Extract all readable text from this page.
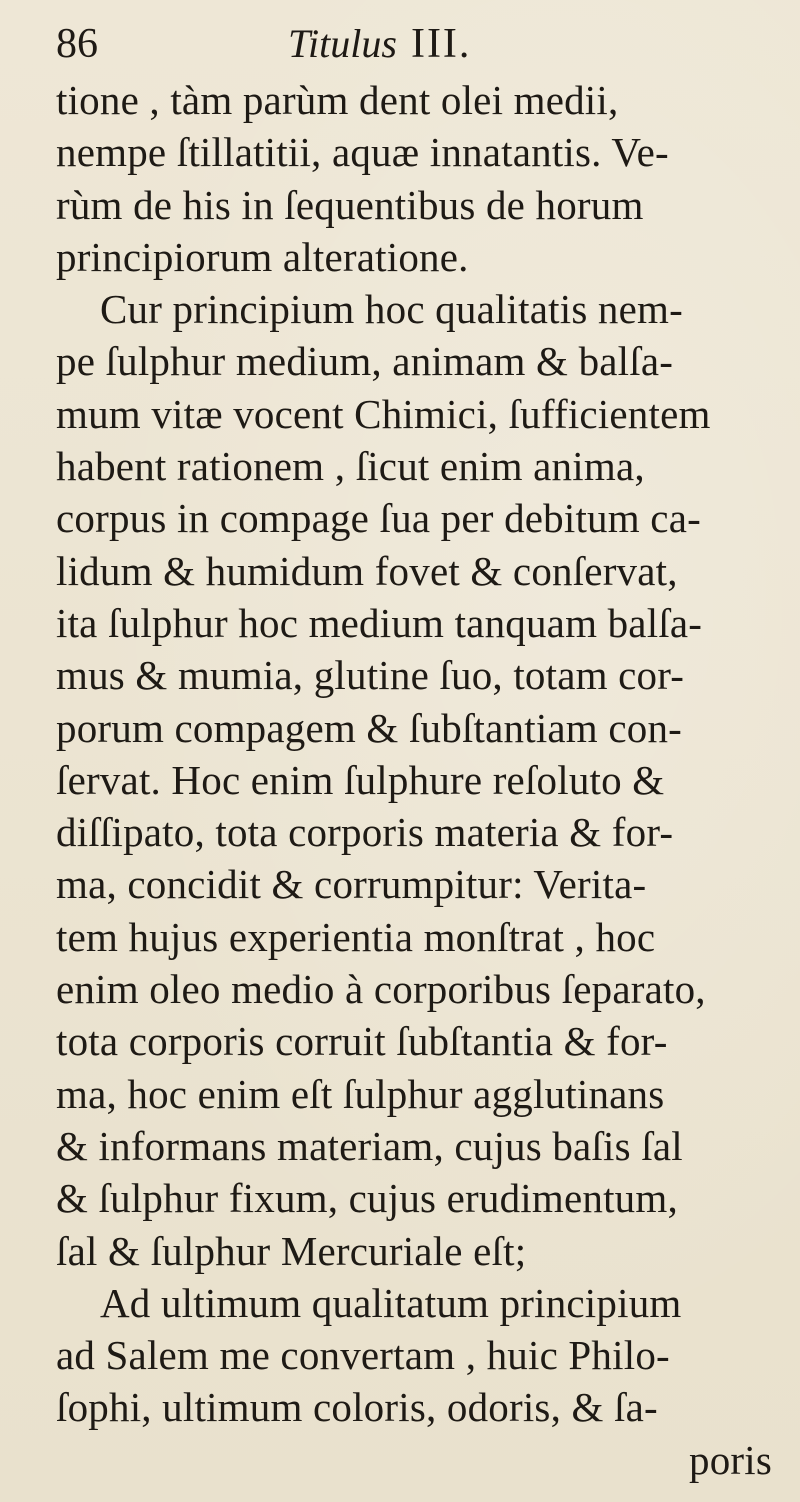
86	Titulus III.
tione , tàm parùm dent olei medii,
nempe ſtillatitii, aquæ innatantis. Ve-
rùm de his in ſequentibus de horum
principiorum alteratione.
Cur principium hoc qualitatis nem-
pe ſulphur medium, animam & balſa-
mum vitæ vocent Chimici, ſufficientem
habent rationem , ſicut enim anima,
corpus in compage ſua per debitum ca-
lidum & humidum fovet & conſervat,
ita ſulphur hoc medium tanquam balſa-
mus & mumia, glutine ſuo, totam cor-
porum compagem & ſubſtantiam con-
ſervat. Hoc enim ſulphure reſoluto &
diſſipato, tota corporis materia & for-
ma, concidit & corrumpitur: Verita-
tem hujus experientia monſtrat , hoc
enim oleo medio à corporibus ſeparato,
tota corporis corruit ſubſtantia & for-
ma, hoc enim eſt ſulphur agglutinans
& informans materiam, cujus baſis ſal
& ſulphur fixum, cujus erudimentum,
ſal & ſulphur Mercuriale eſt;
Ad ultimum qualitatum principium
ad Salem me convertam , huic Philo-
ſophi, ultimum coloris, odoris, & ſa-
poris
